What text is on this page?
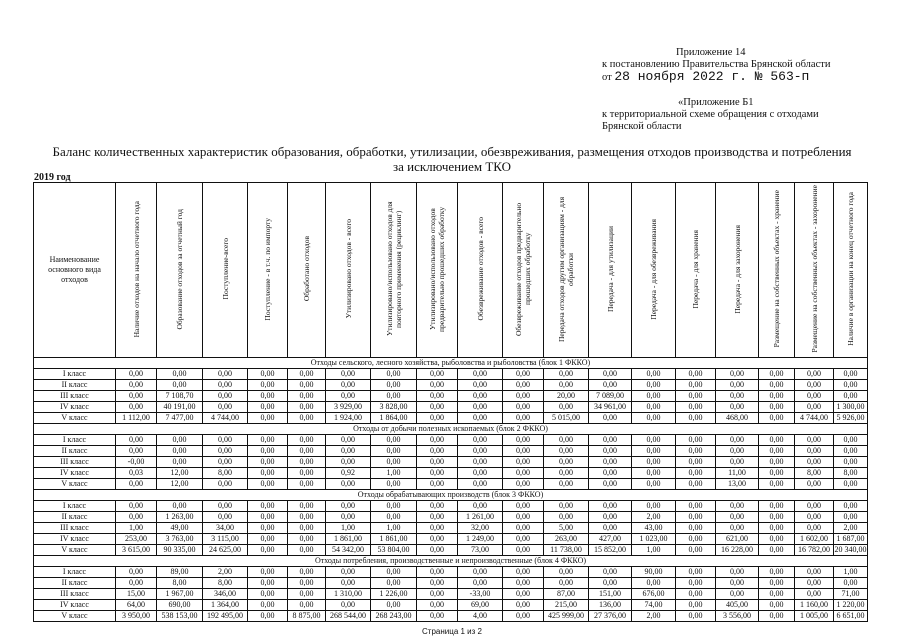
Приложение 14
к постановлению Правительства Брянской области
от 28 ноября 2022 г. № 563-п
«Приложение Б1
к территориальной схеме обращения с отходами
Брянской области
Баланс количественных характеристик образования, обработки, утилизации, обезвреживания, размещения отходов производства и потребления
за исключением ТКО
2019 год
Наименование основного вида отходов	Наличие отходов на начало отчетного года	Образование отходов за отчетный год	Поступление-всего	Поступление - в т.ч. по импорту	Обработано отходов	Утилизировано отходов - всего	Утилизировано/использовано отходов для повторного применения (рециклинг)	Утилизировано/использовано отходов предварительно прошедших обработку	Обезвреживание отходов - всего	Обезвреживание отходов предварительно прошедших обработку	Передача отходов другим организациям - для обработки	Передача - для утилизации	Передача - для обезвреживания	Передача - для хранения	Передача - для захоронения	Размещение на собственных объектах - хранение	Размещение на собственных объектах - захоронение	Наличие в организации на конец отчетного года
Отходы сельского, лесного хозяйства, рыболовства и рыболовства (блок 1 ФККО)																		
I класс	0,00	0,00	0,00	0,00	0,00	0,00	0,00	0,00	0,00	0,00	0,00	0,00	0,00	0,00	0,00	0,00	0,00	0,00
II класс	0,00	0,00	0,00	0,00	0,00	0,00	0,00	0,00	0,00	0,00	0,00	0,00	0,00	0,00	0,00	0,00	0,00	0,00
III класс	0,00	7 108,70	0,00	0,00	0,00	0,00	0,00	0,00	0,00	0,00	20,00	7 089,00	0,00	0,00	0,00	0,00	0,00	0,00
IV класс	0,00	40 191,00	0,00	0,00	0,00	3 929,00	3 828,00	0,00	0,00	0,00	0,00	34 961,00	0,00	0,00	0,00	0,00	0,00	1 300,00
V класс	1 112,00	7 477,00	4 744,00	0,00	0,00	1 924,00	1 864,00	0,00	0,00	0,00	5 015,00	0,00	0,00	0,00	468,00	0,00	4 744,00	5 926,00
Отходы от добычи полезных ископаемых (блок 2 ФККО)																		
I класс	0,00	0,00	0,00	0,00	0,00	0,00	0,00	0,00	0,00	0,00	0,00	0,00	0,00	0,00	0,00	0,00	0,00	0,00
II класс	0,00	0,00	0,00	0,00	0,00	0,00	0,00	0,00	0,00	0,00	0,00	0,00	0,00	0,00	0,00	0,00	0,00	0,00
III класс	-0,00	0,00	0,00	0,00	0,00	0,00	0,00	0,00	0,00	0,00	0,00	0,00	0,00	0,00	0,00	0,00	0,00	0,00
IV класс	0,03	12,00	8,00	0,00	0,00	0,92	1,00	0,00	0,00	0,00	0,00	0,00	0,00	0,00	11,00	0,00	8,00	8,00
V класс	0,00	12,00	0,00	0,00	0,00	0,00	0,00	0,00	0,00	0,00	0,00	0,00	0,00	0,00	13,00	0,00	0,00	0,00
Отходы обрабатывающих производств (блок 3 ФККО)																		
I класс	0,00	0,00	0,00	0,00	0,00	0,00	0,00	0,00	0,00	0,00	0,00	0,00	0,00	0,00	0,00	0,00	0,00	0,00
II класс	0,00	1 263,00	0,00	0,00	0,00	0,00	0,00	0,00	1 261,00	0,00	0,00	0,00	2,00	0,00	0,00	0,00	0,00	0,00
III класс	1,00	49,00	34,00	0,00	0,00	1,00	1,00	0,00	32,00	0,00	5,00	0,00	43,00	0,00	0,00	0,00	0,00	2,00
IV класс	253,00	3 763,00	3 115,00	0,00	0,00	1 861,00	1 861,00	0,00	1 249,00	0,00	263,00	427,00	1 023,00	0,00	621,00	0,00	1 602,00	1 687,00
V класс	3 615,00	90 335,00	24 625,00	0,00	0,00	54 342,00	53 804,00	0,00	73,00	0,00	11 738,00	15 852,00	1,00	0,00	16 228,00	0,00	16 782,00	20 340,00
Отходы потребления, производственные и непроизводственные (блок 4 ФККО)																		
I класс	0,00	89,00	2,00	0,00	0,00	0,00	0,00	0,00	0,00	0,00	0,00	0,00	90,00	0,00	0,00	0,00	0,00	1,00
II класс	0,00	8,00	8,00	0,00	0,00	0,00	0,00	0,00	0,00	0,00	0,00	0,00	0,00	0,00	0,00	0,00	0,00	0,00
III класс	15,00	1 967,00	346,00	0,00	0,00	1 310,00	1 226,00	0,00	-33,00	0,00	87,00	151,00	676,00	0,00	0,00	0,00	0,00	71,00
IV класс	64,00	690,00	1 364,00	0,00	0,00	0,00	0,00	0,00	69,00	0,00	215,00	136,00	74,00	0,00	405,00	0,00	1 160,00	1 220,00
V класс	3 950,00	538 153,00	192 495,00	0,00	8 875,00	268 544,00	268 243,00	0,00	4,00	0,00	425 999,00	27 376,00	2,00	0,00	3 556,00	0,00	1 005,00	6 651,00
Страница 1 из 2
